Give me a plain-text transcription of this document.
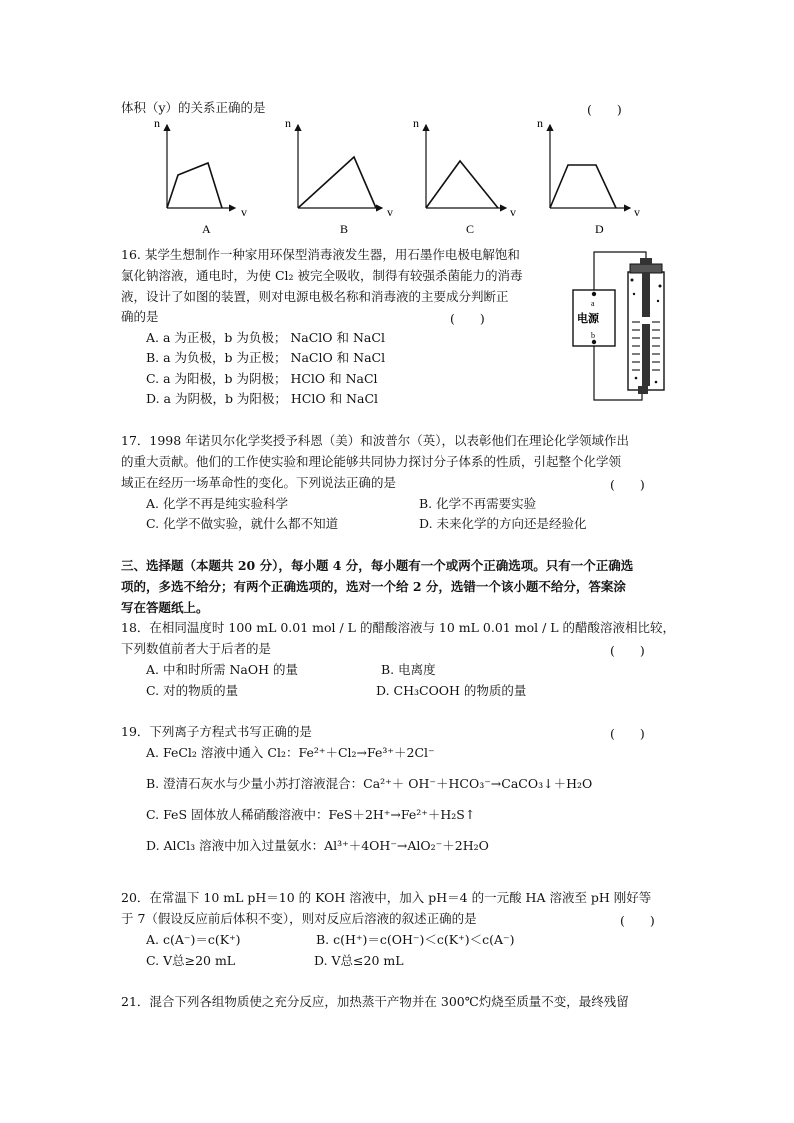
体积（y）的关系正确的是	(　　)
n
v
A
n
v
B
n
v
C
n
v
D
16. 某学生想制作一种家用环保型消毒液发生器，用石墨作电极电解饱和
氯化钠溶液，通电时，为使 Cl₂ 被完全吸收，制得有较强杀菌能力的消毒
液，设计了如图的装置，则对电源电极名称和消毒液的主要成分判断正
确的是	(　　)
A. a 为正极，b 为负极； NaClO 和 NaCl
B. a 为负极，b 为正极； NaClO 和 NaCl
C. a 为阳极，b 为阴极； HClO 和 NaCl
D. a 为阴极，b 为阳极； HClO 和 NaCl
a
电源
b
17．1998 年诺贝尔化学奖授予科恩（美）和波普尔（英），以表彰他们在理论化学领域作出
的重大贡献。他们的工作使实验和理论能够共同协力探讨分子体系的性质，引起整个化学领
域正在经历一场革命性的变化。下列说法正确的是	(　　)
A. 化学不再是纯实验科学	B. 化学不再需要实验
C. 化学不做实验，就什么都不知道	D. 未来化学的方向还是经验化
三、选择题（本题共 20 分），每小题 4 分，每小题有一个或两个正确选项。只有一个正确选
项的，多选不给分；有两个正确选项的，选对一个给 2 分，选错一个该小题不给分，答案涂
写在答题纸上。
18．在相同温度时 100 mL 0.01 mol / L 的醋酸溶液与 10 mL 0.01 mol / L 的醋酸溶液相比较，
下列数值前者大于后者的是	(　　)
A. 中和时所需 NaOH 的量	B. 电离度
C. 对的物质的量	D. CH₃COOH 的物质的量
19．下列离子方程式书写正确的是	(　　)
A. FeCl₂ 溶液中通入 Cl₂：Fe²⁺＋Cl₂→Fe³⁺＋2Cl⁻
B. 澄清石灰水与少量小苏打溶液混合：Ca²⁺＋ OH⁻＋HCO₃⁻→CaCO₃↓＋H₂O
C. FeS 固体放人稀硝酸溶液中：FeS＋2H⁺→Fe²⁺＋H₂S↑
D. AlCl₃ 溶液中加入过量氨水：Al³⁺＋4OH⁻→AlO₂⁻＋2H₂O
20．在常温下 10 mL pH＝10 的 KOH 溶液中，加入 pH＝4 的一元酸 HA 溶液至 pH 刚好等
于 7（假设反应前后体积不变），则对反应后溶液的叙述正确的是	(　　)
A. c(A⁻)＝c(K⁺)	B. c(H⁺)＝c(OH⁻)＜c(K⁺)＜c(A⁻)
C. V总≥20 mL	D. V总≤20 mL
21．混合下列各组物质使之充分反应，加热蒸干产物并在 300℃灼烧至质量不变，最终残留
